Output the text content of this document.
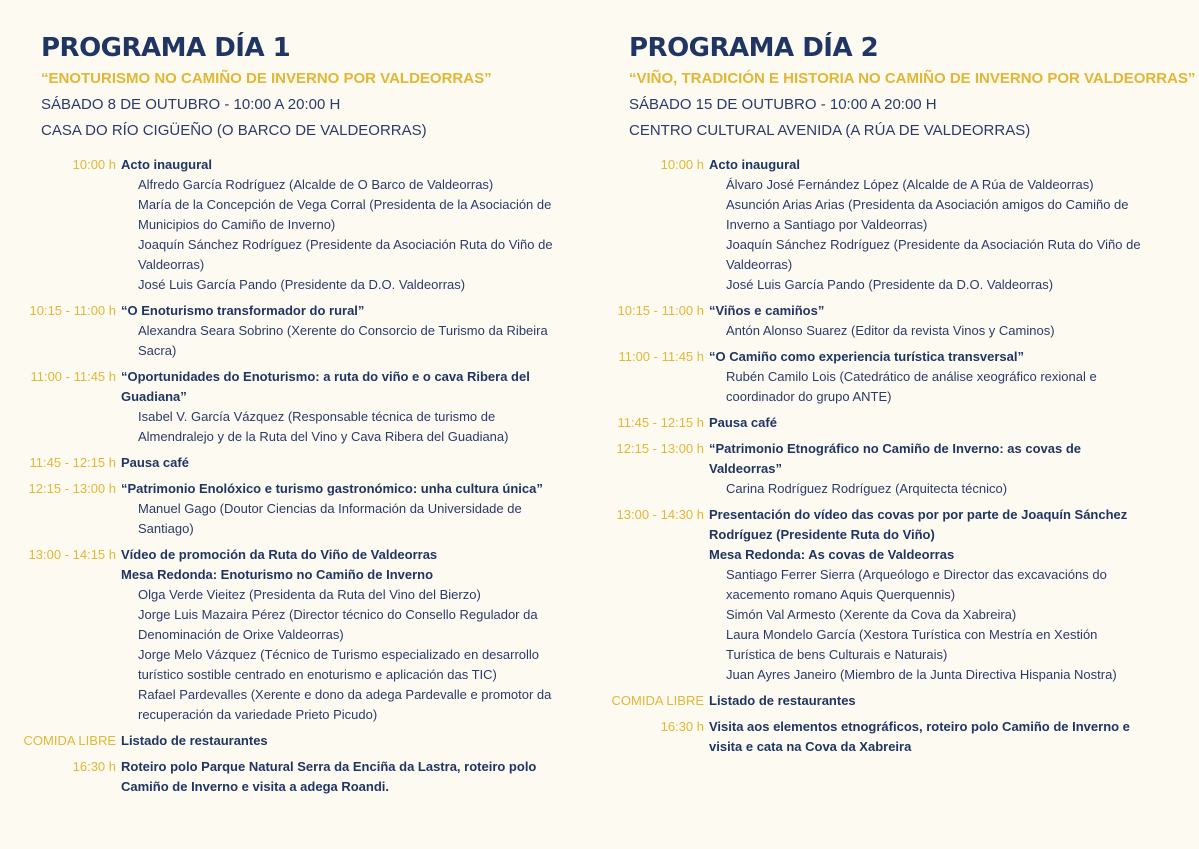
PROGRAMA DÍA 1
“ENOTURISMO NO CAMIÑO DE INVERNO POR VALDEORRAS”
SÁBADO 8 DE OUTUBRO - 10:00 A 20:00 H
CASA DO RÍO CIGÜEÑO (O BARCO DE VALDEORRAS)
10:00 h Acto inaugural
Alfredo García Rodríguez (Alcalde de O Barco de Valdeorras)
María de la Concepción de Vega Corral (Presidenta de la Asociación de Municipios do Camiño de Inverno)
Joaquín Sánchez Rodríguez (Presidente da Asociación Ruta do Viño de Valdeorras)
José Luis García Pando (Presidente da D.O. Valdeorras)
10:15 - 11:00 h “O Enoturismo transformador do rural”
Alexandra Seara Sobrino (Xerente do Consorcio de Turismo da Ribeira Sacra)
11:00 - 11:45 h “Oportunidades do Enoturismo: a ruta do viño e o cava Ribera del Guadiana”
Isabel V. García Vázquez (Responsable técnica de turismo de Almendralejo y de la Ruta del Vino y Cava Ribera del Guadiana)
11:45 - 12:15 h Pausa café
12:15 - 13:00 h “Patrimonio Enolóxico e turismo gastronómico: unha cultura única”
Manuel Gago (Doutor Ciencias da Información da Universidade de Santiago)
13:00 - 14:15 h Vídeo de promoción da Ruta do Viño de Valdeorras
Mesa Redonda: Enoturismo no Camiño de Inverno
Olga Verde Vieitez (Presidenta da Ruta del Vino del Bierzo)
Jorge Luis Mazaira Pérez (Director técnico do Consello Regulador da Denominación de Orixe Valdeorras)
Jorge Melo Vázquez (Técnico de Turismo especializado en desarrollo turístico sostible centrado en enoturismo e aplicación das TIC)
Rafael Pardevalles (Xerente e dono da adega Pardevalle e promotor da recuperación da variedade Prieto Picudo)
COMIDA LIBRE Listado de restaurantes
16:30 h Roteiro polo Parque Natural Serra da Enciña da Lastra, roteiro polo Camiño de Inverno e visita a adega Roandi.
PROGRAMA DÍA 2
“VIÑO, TRADICIÓN E HISTORIA NO CAMIÑO DE INVERNO POR VALDEORRAS”
SÁBADO 15 DE OUTUBRO - 10:00 A 20:00 H
CENTRO CULTURAL AVENIDA (A RÚA DE VALDEORRAS)
10:00 h Acto inaugural
Álvaro José Fernández López (Alcalde de A Rúa de Valdeorras)
Asunción Arias Arias (Presidenta da Asociación amigos do Camiño de Inverno a Santiago por Valdeorras)
Joaquín Sánchez Rodríguez (Presidente da Asociación Ruta do Viño de Valdeorras)
José Luis García Pando (Presidente da D.O. Valdeorras)
10:15 - 11:00 h “Viños e camiños”
Antón Alonso Suarez (Editor da revista Vinos y Caminos)
11:00 - 11:45 h “O Camiño como experiencia turística transversal”
Rubén Camilo Lois (Catedrático de análise xeográfico rexional e coordinador do grupo ANTE)
11:45 - 12:15 h Pausa café
12:15 - 13:00 h “Patrimonio Etnográfico no Camiño de Inverno: as covas de Valdeorras”
Carina Rodríguez Rodríguez (Arquitecta técnico)
13:00 - 14:30 h Presentación do vídeo das covas por por parte de Joaquín Sánchez Rodríguez (Presidente Ruta do Viño)
Mesa Redonda: As covas de Valdeorras
Santiago Ferrer Sierra (Arqueólogo e Director das excavacións do xacemento romano Aquis Querquennis)
Simón Val Armesto (Xerente da Cova da Xabreira)
Laura Mondelo García (Xestora Turística con Mestría en Xestión Turística de bens Culturais e Naturais)
Juan Ayres Janeiro (Miembro de la Junta Directiva Hispania Nostra)
COMIDA LIBRE Listado de restaurantes
16:30 h Visita aos elementos etnográficos, roteiro polo Camiño de Inverno e visita e cata na Cova da Xabreira
